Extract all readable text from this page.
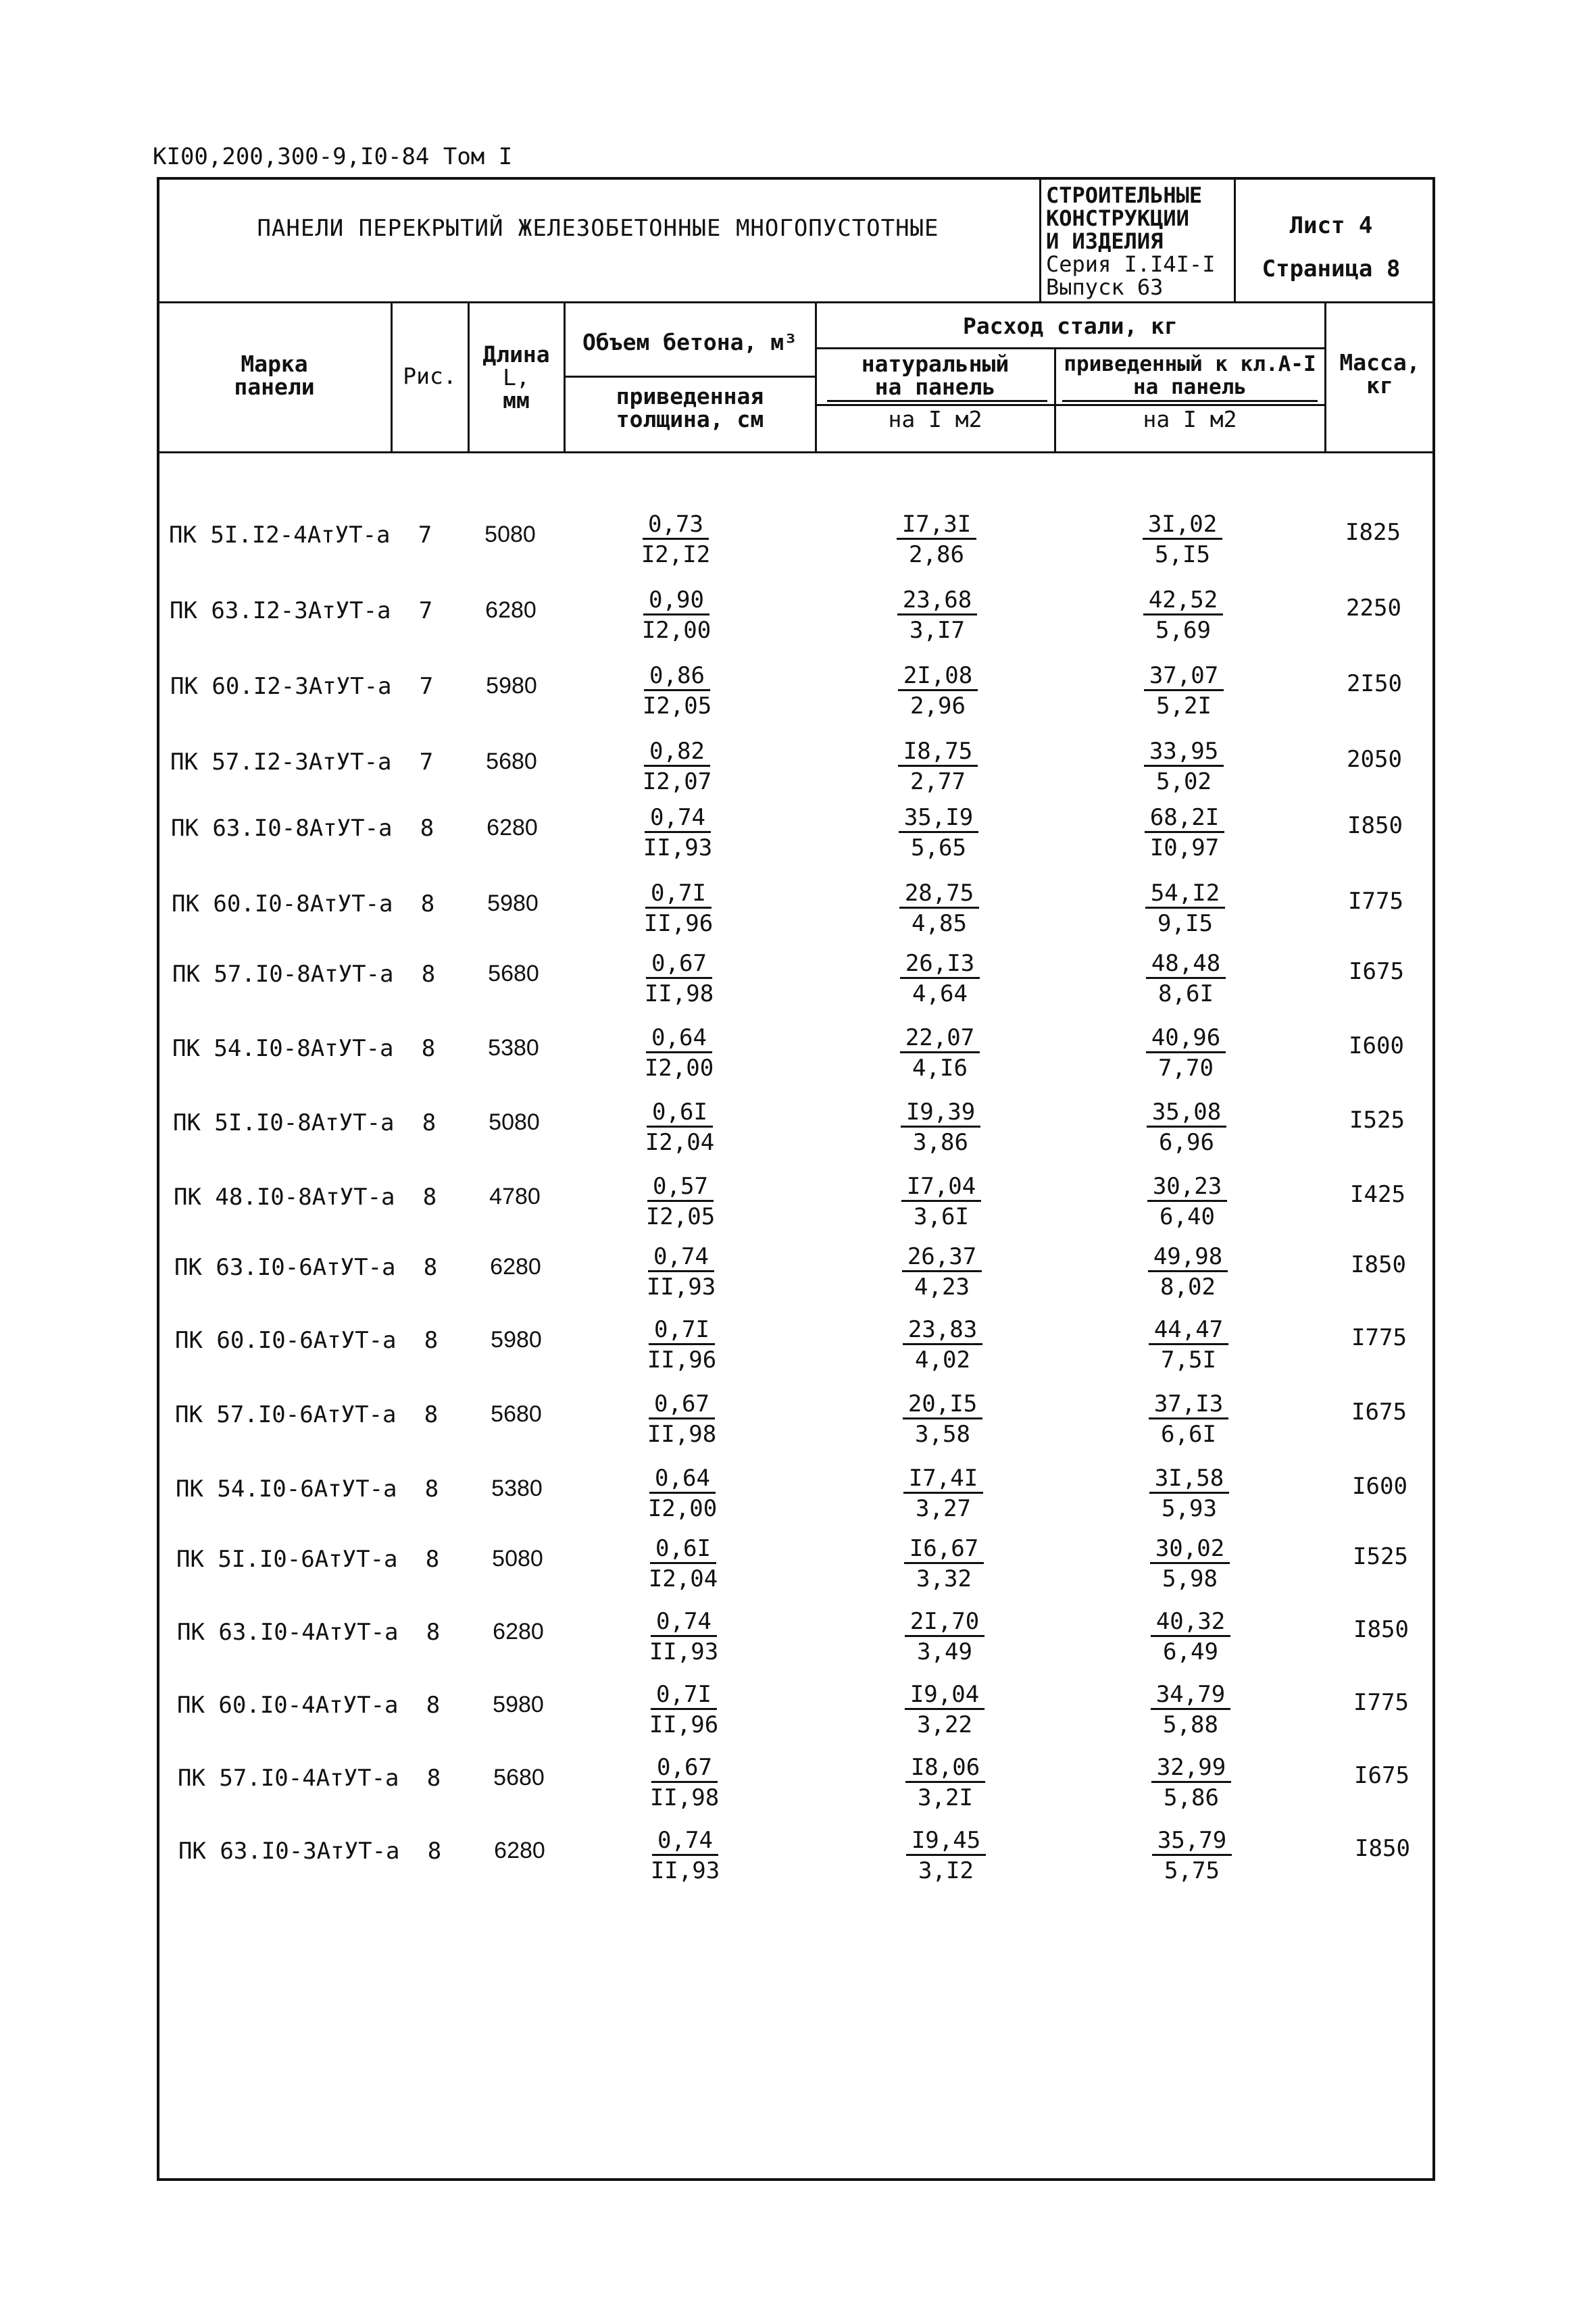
КI00,200,300-9,I0-84 Том I
ПАНЕЛИ ПЕРЕКРЫТИЙ ЖЕЛЕЗОБЕТОННЫЕ МНОГОПУСТОТНЫЕ
СТРОИТЕЛЬНЫЕ
КОНСТРУКЦИИ
И ИЗДЕЛИЯ
Серия I.I4I-I
Выпуск 63
Лист 4
Страница 8
Марка
панели	Рис.
Длина
L,
мм
Объем бетона, м³
приведенная
толщина, см
Расход стали, кг
натуральный
на панель
приведенный к кл.А-I
на панель
на I м2	на I м2
Масса,
кг
ПК 5I.I2-4АтУТ-а	7	5080	$\frac{0,73}{I2,I2}$	$\frac{I7,3I}{2,86}$	$\frac{3I,02}{5,I5}$	I825
ПК 63.I2-3АтУТ-а	7	6280	$\frac{0,90}{I2,00}$	$\frac{23,68}{3,I7}$	$\frac{42,52}{5,69}$	2250
ПК 60.I2-3АтУТ-а	7	5980	$\frac{0,86}{I2,05}$	$\frac{2I,08}{2,96}$	$\frac{37,07}{5,2I}$	2I50
ПК 57.I2-3АтУТ-а	7	5680	$\frac{0,82}{I2,07}$	$\frac{I8,75}{2,77}$	$\frac{33,95}{5,02}$	2050
ПК 63.I0-8АтУТ-а	8	6280	$\frac{0,74}{II,93}$	$\frac{35,I9}{5,65}$	$\frac{68,2I}{I0,97}$	I850
ПК 60.I0-8АтУТ-а	8	5980	$\frac{0,7I}{II,96}$	$\frac{28,75}{4,85}$	$\frac{54,I2}{9,I5}$	I775
ПК 57.I0-8АтУТ-а	8	5680	$\frac{0,67}{II,98}$	$\frac{26,I3}{4,64}$	$\frac{48,48}{8,6I}$	I675
ПК 54.I0-8АтУТ-а	8	5380	$\frac{0,64}{I2,00}$	$\frac{22,07}{4,I6}$	$\frac{40,96}{7,70}$	I600
ПК 5I.I0-8АтУТ-а	8	5080	$\frac{0,6I}{I2,04}$	$\frac{I9,39}{3,86}$	$\frac{35,08}{6,96}$	I525
ПК 48.I0-8АтУТ-а	8	4780	$\frac{0,57}{I2,05}$	$\frac{I7,04}{3,6I}$	$\frac{30,23}{6,40}$	I425
ПК 63.I0-6АтУТ-а	8	6280	$\frac{0,74}{II,93}$	$\frac{26,37}{4,23}$	$\frac{49,98}{8,02}$	I850
ПК 60.I0-6АтУТ-а	8	5980	$\frac{0,7I}{II,96}$	$\frac{23,83}{4,02}$	$\frac{44,47}{7,5I}$	I775
ПК 57.I0-6АтУТ-а	8	5680	$\frac{0,67}{II,98}$	$\frac{20,I5}{3,58}$	$\frac{37,I3}{6,6I}$	I675
ПК 54.I0-6АтУТ-а	8	5380	$\frac{0,64}{I2,00}$	$\frac{I7,4I}{3,27}$	$\frac{3I,58}{5,93}$	I600
ПК 5I.I0-6АтУТ-а	8	5080	$\frac{0,6I}{I2,04}$	$\frac{I6,67}{3,32}$	$\frac{30,02}{5,98}$	I525
ПК 63.I0-4АтУТ-а	8	6280	$\frac{0,74}{II,93}$	$\frac{2I,70}{3,49}$	$\frac{40,32}{6,49}$	I850
ПК 60.I0-4АтУТ-а	8	5980	$\frac{0,7I}{II,96}$	$\frac{I9,04}{3,22}$	$\frac{34,79}{5,88}$	I775
ПК 57.I0-4АтУТ-а	8	5680	$\frac{0,67}{II,98}$	$\frac{I8,06}{3,2I}$	$\frac{32,99}{5,86}$	I675
ПК 63.I0-3АтУТ-а	8	6280	$\frac{0,74}{II,93}$	$\frac{I9,45}{3,I2}$	$\frac{35,79}{5,75}$	I850
